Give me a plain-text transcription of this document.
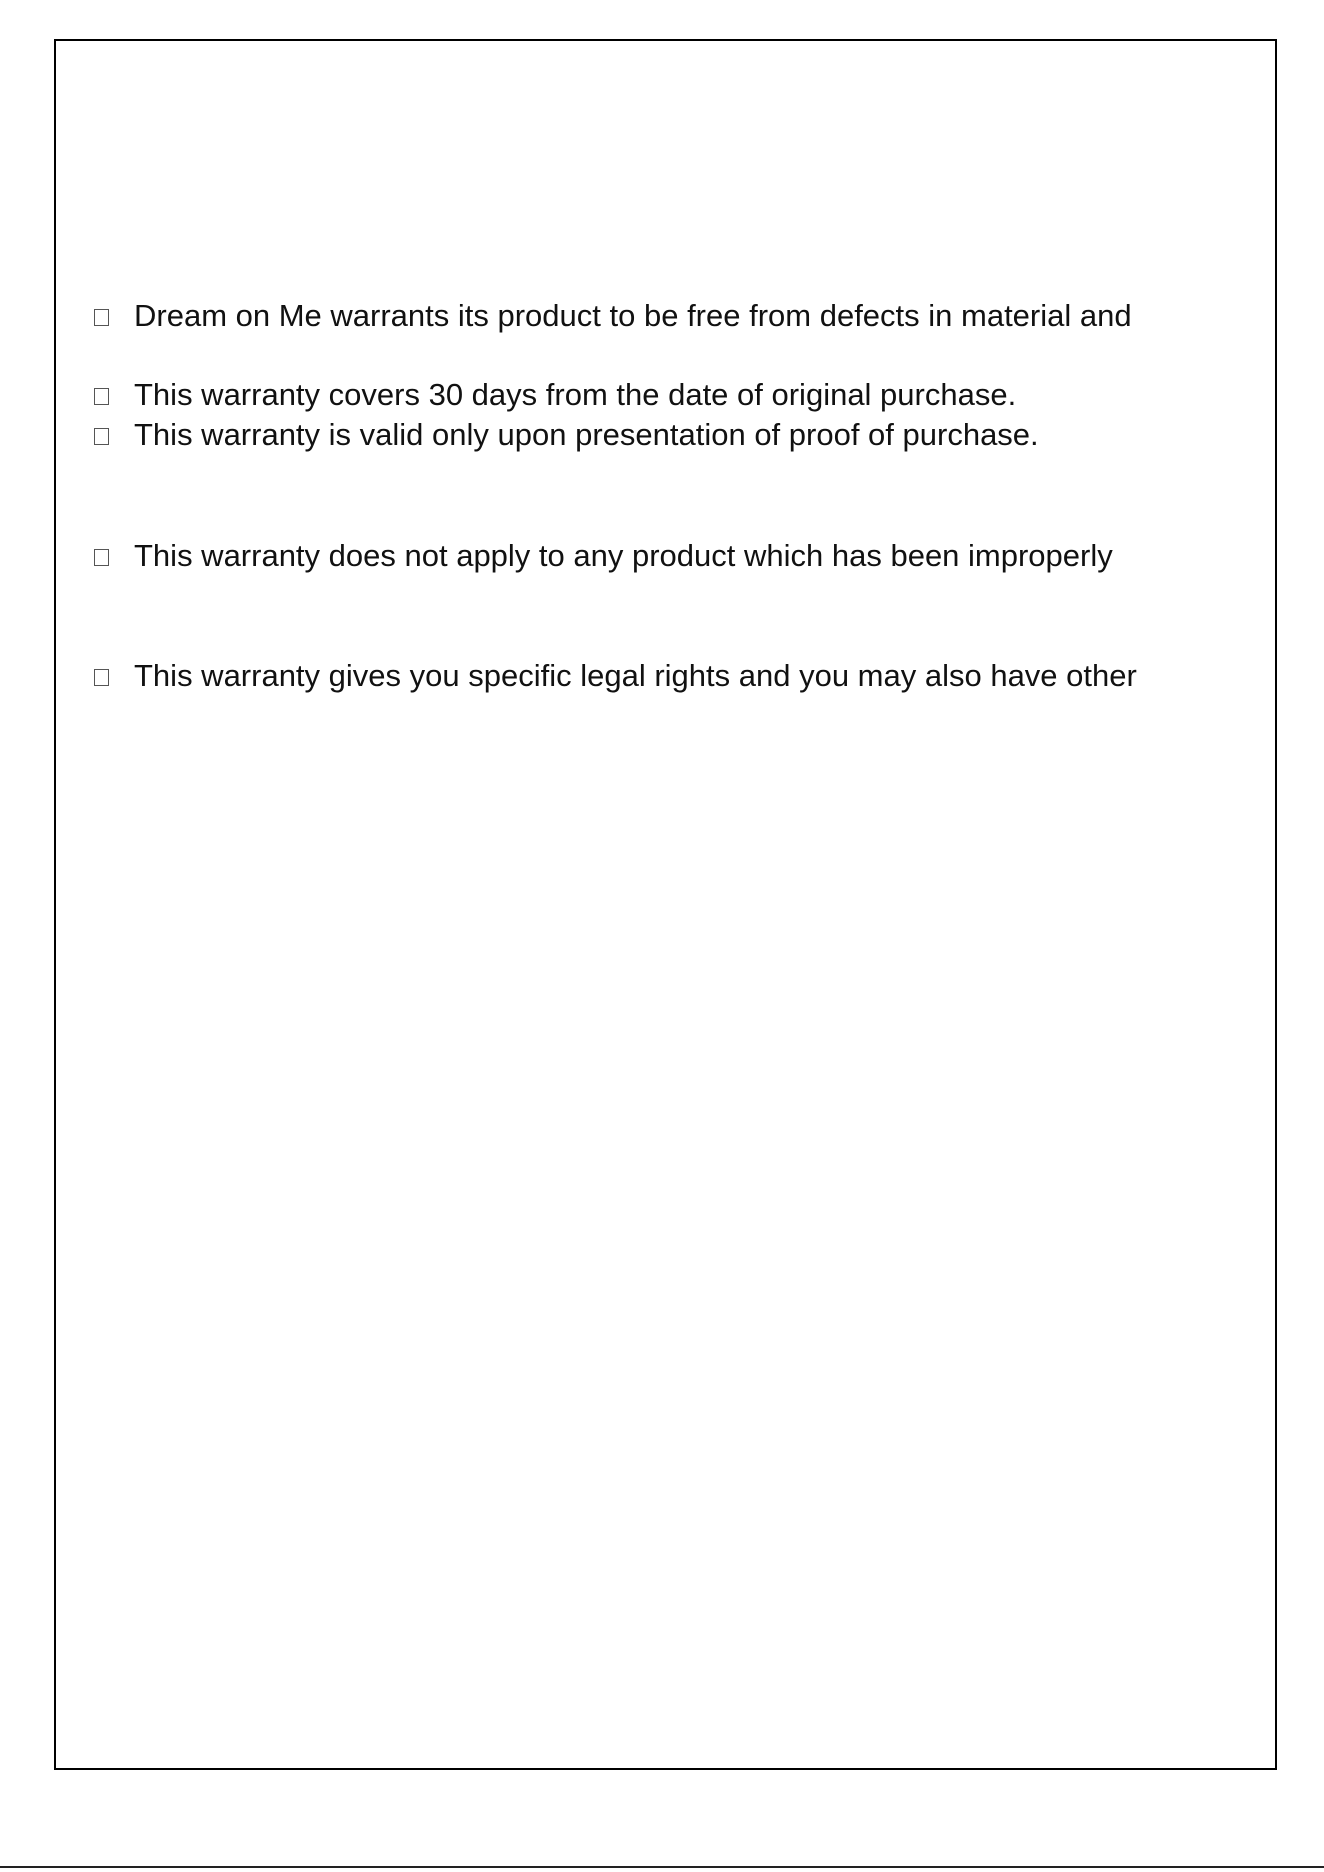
Dream on Me warrants its product to be free from defects in material and
This warranty covers 30 days from the date of original purchase.
This warranty is valid only upon presentation of proof of purchase.
This warranty does not apply to any product which has been improperly
This warranty gives you specific legal rights and you may also have other
